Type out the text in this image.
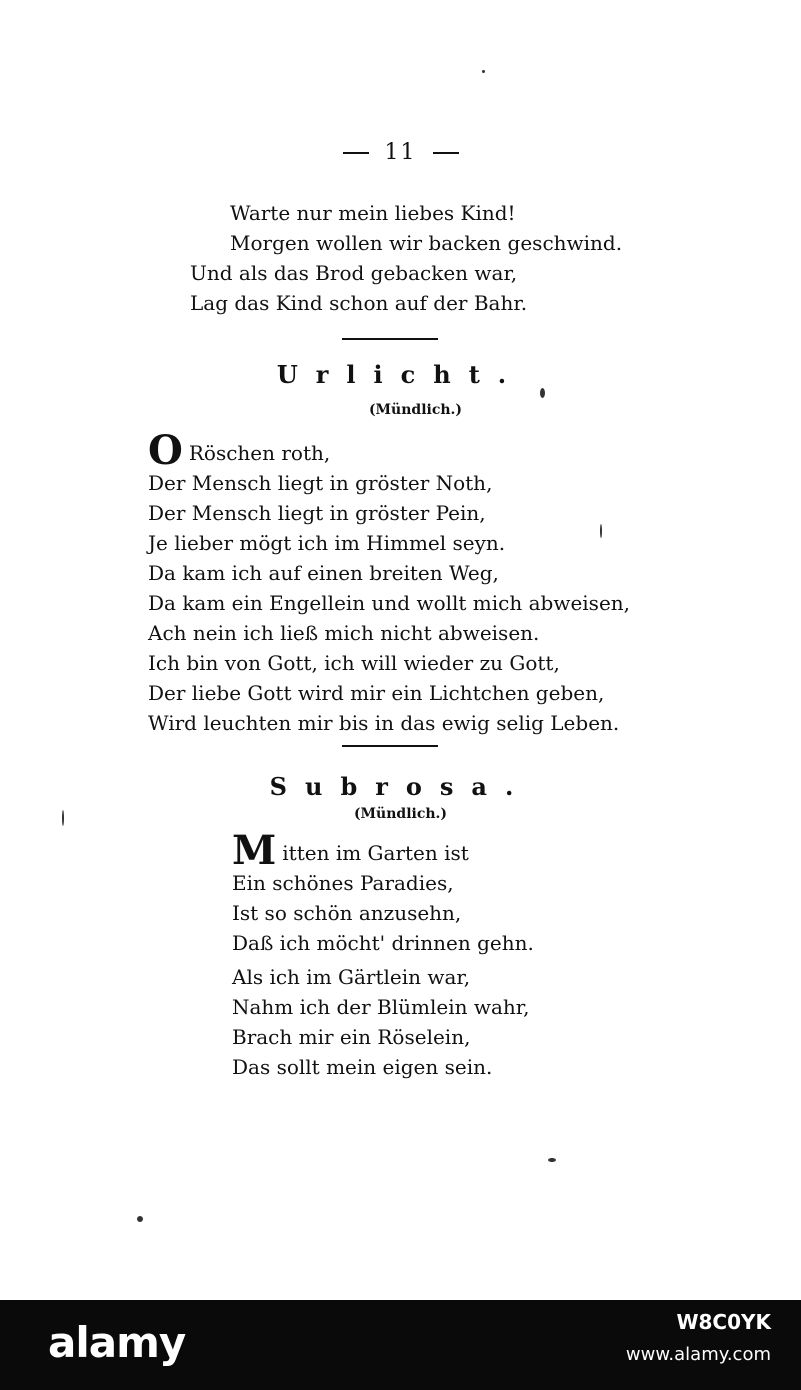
11
Warte nur mein liebes Kind!
Morgen wollen wir backen geschwind.
Und als das Brod gebacken war,
Lag das Kind schon auf der Bahr.
Urlicht.
(Mündlich.)
O Röschen roth,
Der Mensch liegt in gröster Noth,
Der Mensch liegt in gröster Pein,
Je lieber mögt ich im Himmel seyn.
Da kam ich auf einen breiten Weg,
Da kam ein Engellein und wollt mich abweisen,
Ach nein ich ließ mich nicht abweisen.
Ich bin von Gott, ich will wieder zu Gott,
Der liebe Gott wird mir ein Lichtchen geben,
Wird leuchten mir bis in das ewig selig Leben.
Subrosa.
(Mündlich.)
Mitten im Garten ist
Ein schönes Paradies,
Ist so schön anzusehn,
Daß ich möcht' drinnen gehn.
Als ich im Gärtlein war,
Nahm ich der Blümlein wahr,
Brach mir ein Röselein,
Das sollt mein eigen sein.
alamy	W8C0YK
www.alamy.com
